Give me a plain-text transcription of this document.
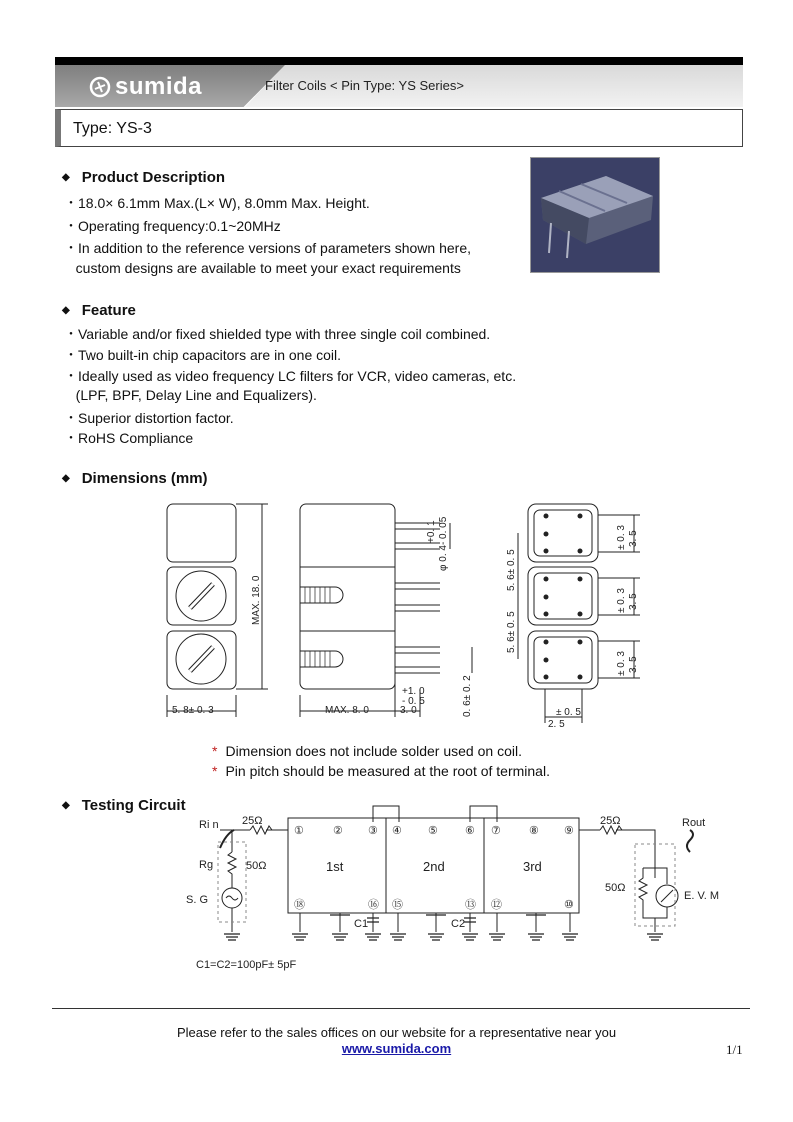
sumida	Filter Coils < Pin Type: YS Series>
Type: YS-3
◆ Product Description
・18.0× 6.1mm Max.(L× W), 8.0mm Max. Height.
・Operating frequency:0.1~20MHz
・In addition to the reference versions of parameters shown here,
custom designs are available to meet your exact requirements
◆ Feature
・Variable and/or fixed shielded type with three single coil combined.
・Two built-in chip capacitors are in one coil.
・Ideally used as video frequency LC filters for VCR, video cameras, etc.
(LPF, BPF, Delay Line and Equalizers).
・Superior distortion factor.
・RoHS Compliance
◆ Dimensions (mm)
5. 8± 0. 3
MAX. 18. 0
MAX. 8. 0	3. 0
+1. 0
- 0. 5
φ 0. 4- 0. 05
+0. 1
0. 6± 0. 2
5. 6± 0. 5
5. 6± 0. 5
± 0. 3 3. 5
± 0. 3 3. 5
± 0. 3 3. 5
± 0. 5
2. 5
* Dimension does not include solder used on coil.
* Pin pitch should be measured at the root of terminal.
◆ Testing Circuit
Ri n 25Ω
Rg	50Ω
S. G
25Ω	Rout
50Ω
E. V. M
1st	2nd	3rd
①	② ③ ④ ⑤ ⑥ ⑦	⑧ ⑨
⑱	⑯ ⑮	⑬ ⑫	⑩
C1	C2
C1=C2=100pF± 5pF
Please refer to the sales offices on our website for a representative near you
www.sumida.com	1/1
